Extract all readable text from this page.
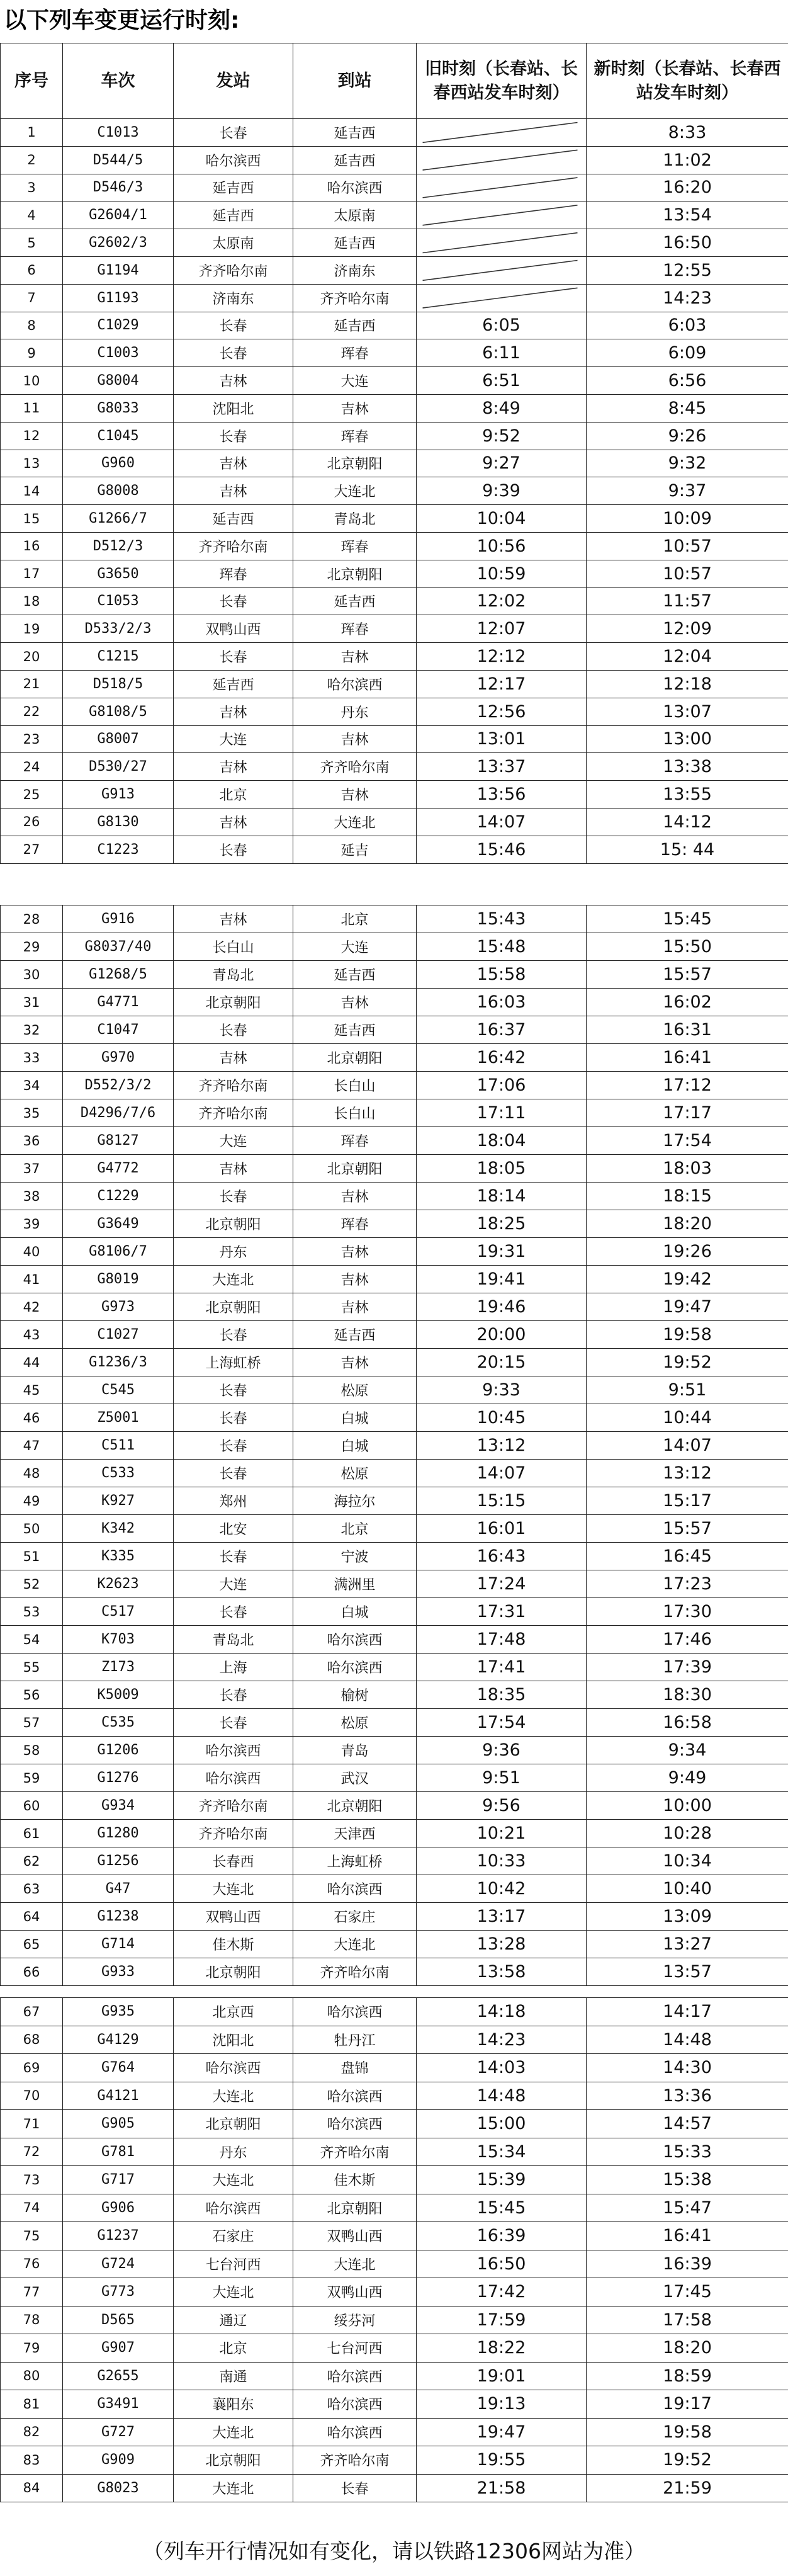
以下列车变更运行时刻:
序号	车次	发站	到站	旧时刻（长春站、长春西站发车时刻）	新时刻（长春站、长春西站发车时刻）
1	C1013	长春	延吉西		8:33
2	D544/5	哈尔滨西	延吉西		11:02
3	D546/3	延吉西	哈尔滨西		16:20
4	G2604/1	延吉西	太原南		13:54
5	G2602/3	太原南	延吉西		16:50
6	G1194	齐齐哈尔南	济南东		12:55
7	G1193	济南东	齐齐哈尔南		14:23
8	C1029	长春	延吉西	6:05	6:03
9	C1003	长春	珲春	6:11	6:09
10	G8004	吉林	大连	6:51	6:56
11	G8033	沈阳北	吉林	8:49	8:45
12	C1045	长春	珲春	9:52	9:26
13	G960	吉林	北京朝阳	9:27	9:32
14	G8008	吉林	大连北	9:39	9:37
15	G1266/7	延吉西	青岛北	10:04	10:09
16	D512/3	齐齐哈尔南	珲春	10:56	10:57
17	G3650	珲春	北京朝阳	10:59	10:57
18	C1053	长春	延吉西	12:02	11:57
19	D533/2/3	双鸭山西	珲春	12:07	12:09
20	C1215	长春	吉林	12:12	12:04
21	D518/5	延吉西	哈尔滨西	12:17	12:18
22	G8108/5	吉林	丹东	12:56	13:07
23	G8007	大连	吉林	13:01	13:00
24	D530/27	吉林	齐齐哈尔南	13:37	13:38
25	G913	北京	吉林	13:56	13:55
26	G8130	吉林	大连北	14:07	14:12
27	C1223	长春	延吉	15:46	15: 44
28	G916	吉林	北京	15:43	15:45
29	G8037/40	长白山	大连	15:48	15:50
30	G1268/5	青岛北	延吉西	15:58	15:57
31	G4771	北京朝阳	吉林	16:03	16:02
32	C1047	长春	延吉西	16:37	16:31
33	G970	吉林	北京朝阳	16:42	16:41
34	D552/3/2	齐齐哈尔南	长白山	17:06	17:12
35	D4296/7/6	齐齐哈尔南	长白山	17:11	17:17
36	G8127	大连	珲春	18:04	17:54
37	G4772	吉林	北京朝阳	18:05	18:03
38	C1229	长春	吉林	18:14	18:15
39	G3649	北京朝阳	珲春	18:25	18:20
40	G8106/7	丹东	吉林	19:31	19:26
41	G8019	大连北	吉林	19:41	19:42
42	G973	北京朝阳	吉林	19:46	19:47
43	C1027	长春	延吉西	20:00	19:58
44	G1236/3	上海虹桥	吉林	20:15	19:52
45	C545	长春	松原	9:33	9:51
46	Z5001	长春	白城	10:45	10:44
47	C511	长春	白城	13:12	14:07
48	C533	长春	松原	14:07	13:12
49	K927	郑州	海拉尔	15:15	15:17
50	K342	北安	北京	16:01	15:57
51	K335	长春	宁波	16:43	16:45
52	K2623	大连	满洲里	17:24	17:23
53	C517	长春	白城	17:31	17:30
54	K703	青岛北	哈尔滨西	17:48	17:46
55	Z173	上海	哈尔滨西	17:41	17:39
56	K5009	长春	榆树	18:35	18:30
57	C535	长春	松原	17:54	16:58
58	G1206	哈尔滨西	青岛	9:36	9:34
59	G1276	哈尔滨西	武汉	9:51	9:49
60	G934	齐齐哈尔南	北京朝阳	9:56	10:00
61	G1280	齐齐哈尔南	天津西	10:21	10:28
62	G1256	长春西	上海虹桥	10:33	10:34
63	G47	大连北	哈尔滨西	10:42	10:40
64	G1238	双鸭山西	石家庄	13:17	13:09
65	G714	佳木斯	大连北	13:28	13:27
66	G933	北京朝阳	齐齐哈尔南	13:58	13:57
67	G935	北京西	哈尔滨西	14:18	14:17
68	G4129	沈阳北	牡丹江	14:23	14:48
69	G764	哈尔滨西	盘锦	14:03	14:30
70	G4121	大连北	哈尔滨西	14:48	13:36
71	G905	北京朝阳	哈尔滨西	15:00	14:57
72	G781	丹东	齐齐哈尔南	15:34	15:33
73	G717	大连北	佳木斯	15:39	15:38
74	G906	哈尔滨西	北京朝阳	15:45	15:47
75	G1237	石家庄	双鸭山西	16:39	16:41
76	G724	七台河西	大连北	16:50	16:39
77	G773	大连北	双鸭山西	17:42	17:45
78	D565	通辽	绥芬河	17:59	17:58
79	G907	北京	七台河西	18:22	18:20
80	G2655	南通	哈尔滨西	19:01	18:59
81	G3491	襄阳东	哈尔滨西	19:13	19:17
82	G727	大连北	哈尔滨西	19:47	19:58
83	G909	北京朝阳	齐齐哈尔南	19:55	19:52
84	G8023	大连北	长春	21:58	21:59
（列车开行情况如有变化，请以铁路12306网站为准）
